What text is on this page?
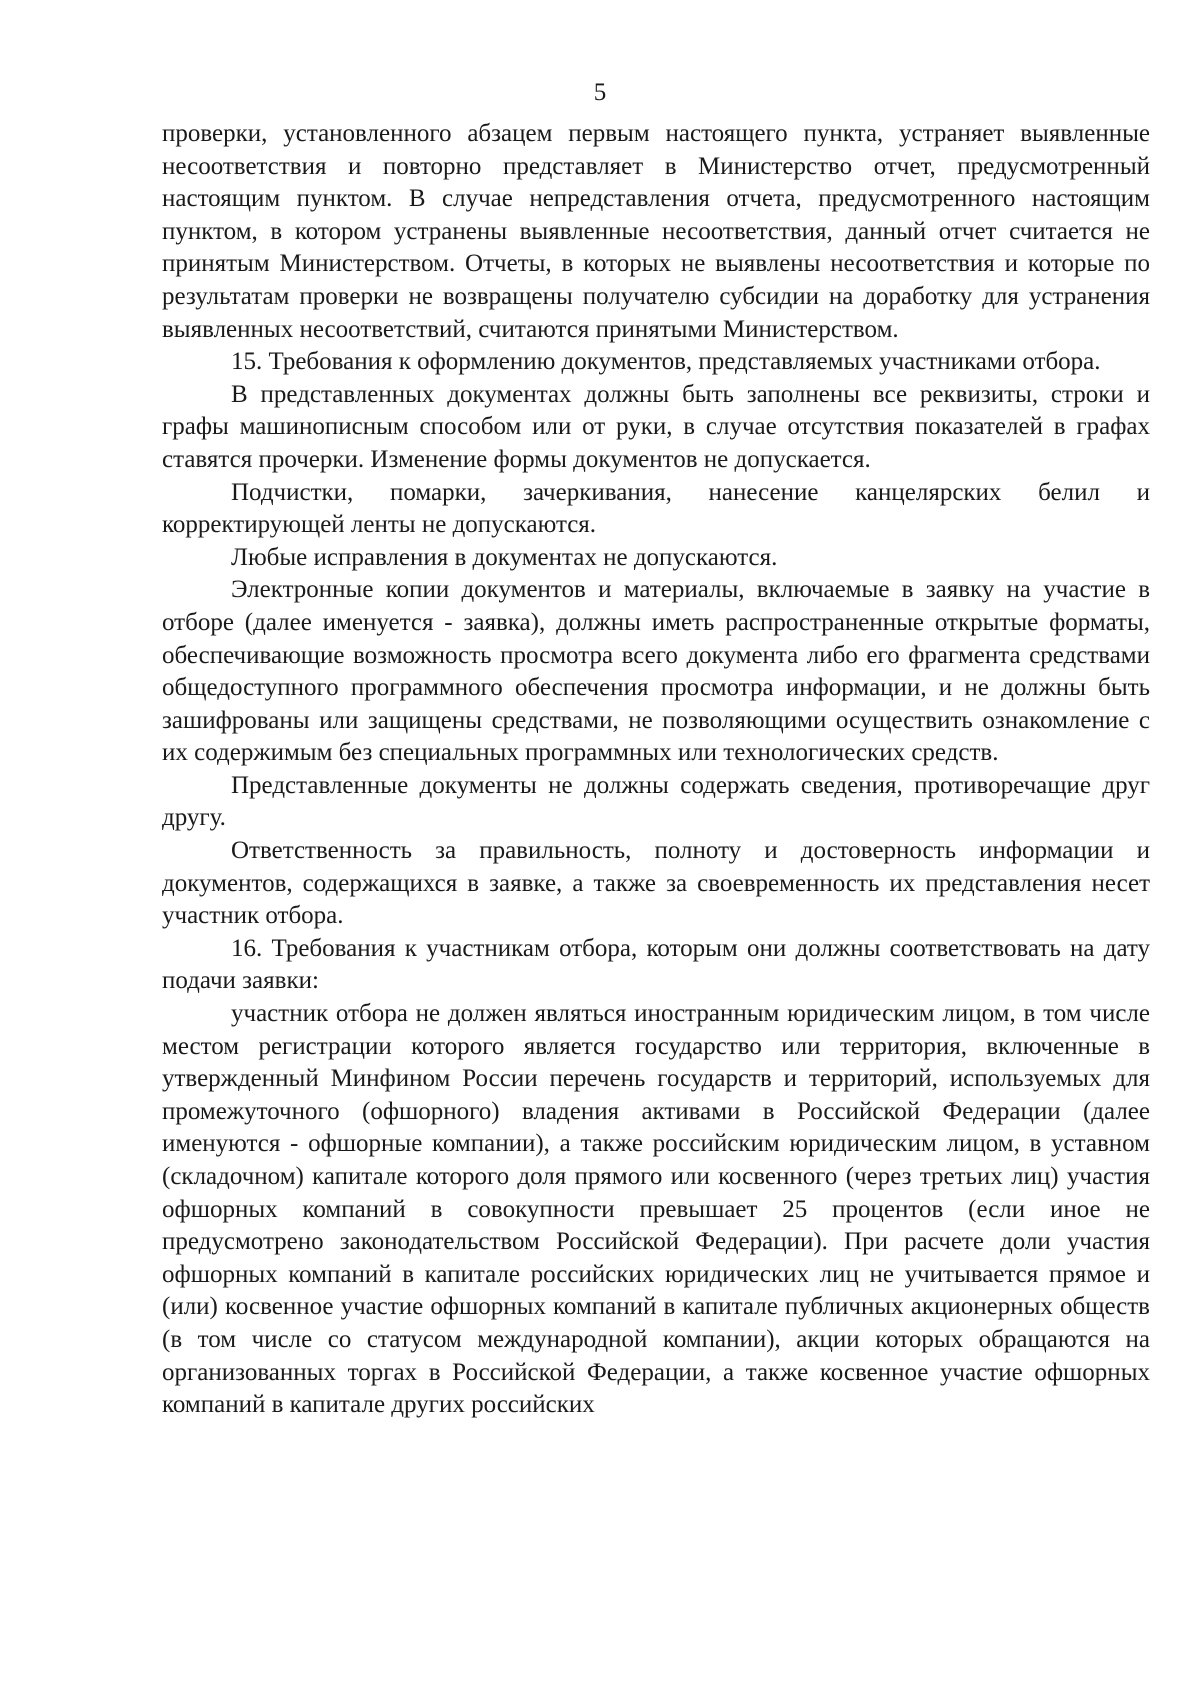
5

проверки, установленного абзацем первым настоящего пункта, устраняет выявленные несоответствия и повторно представляет в Министерство отчет, предусмотренный настоящим пунктом. В случае непредставления отчета, предусмотренного настоящим пунктом, в котором устранены выявленные несоответствия, данный отчет считается не принятым Министерством. Отчеты, в которых не выявлены несоответствия и которые по результатам проверки не возвращены получателю субсидии на доработку для устранения выявленных несоответствий, считаются принятыми Министерством.

15. Требования к оформлению документов, представляемых участниками отбора.

В представленных документах должны быть заполнены все реквизиты, строки и графы машинописным способом или от руки, в случае отсутствия показателей в графах ставятся прочерки. Изменение формы документов не допускается.

Подчистки, помарки, зачеркивания, нанесение канцелярских белил и корректирующей ленты не допускаются.

Любые исправления в документах не допускаются.

Электронные копии документов и материалы, включаемые в заявку на участие в отборе (далее именуется - заявка), должны иметь распространенные открытые форматы, обеспечивающие возможность просмотра всего документа либо его фрагмента средствами общедоступного программного обеспечения просмотра информации, и не должны быть зашифрованы или защищены средствами, не позволяющими осуществить ознакомление с их содержимым без специальных программных или технологических средств.

Представленные документы не должны содержать сведения, противоречащие друг другу.

Ответственность за правильность, полноту и достоверность информации и документов, содержащихся в заявке, а также за своевременность их представления несет участник отбора.

16. Требования к участникам отбора, которым они должны соответствовать на дату подачи заявки:

участник отбора не должен являться иностранным юридическим лицом, в том числе местом регистрации которого является государство или территория, включенные в утвержденный Минфином России перечень государств и территорий, используемых для промежуточного (офшорного) владения активами в Российской Федерации (далее именуются - офшорные компании), а также российским юридическим лицом, в уставном (складочном) капитале которого доля прямого или косвенного (через третьих лиц) участия офшорных компаний в совокупности превышает 25 процентов (если иное не предусмотрено законодательством Российской Федерации). При расчете доли участия офшорных компаний в капитале российских юридических лиц не учитывается прямое и (или) косвенное участие офшорных компаний в капитале публичных акционерных обществ (в том числе со статусом международной компании), акции которых обращаются на организованных торгах в Российской Федерации, а также косвенное участие офшорных компаний в капитале других российских
